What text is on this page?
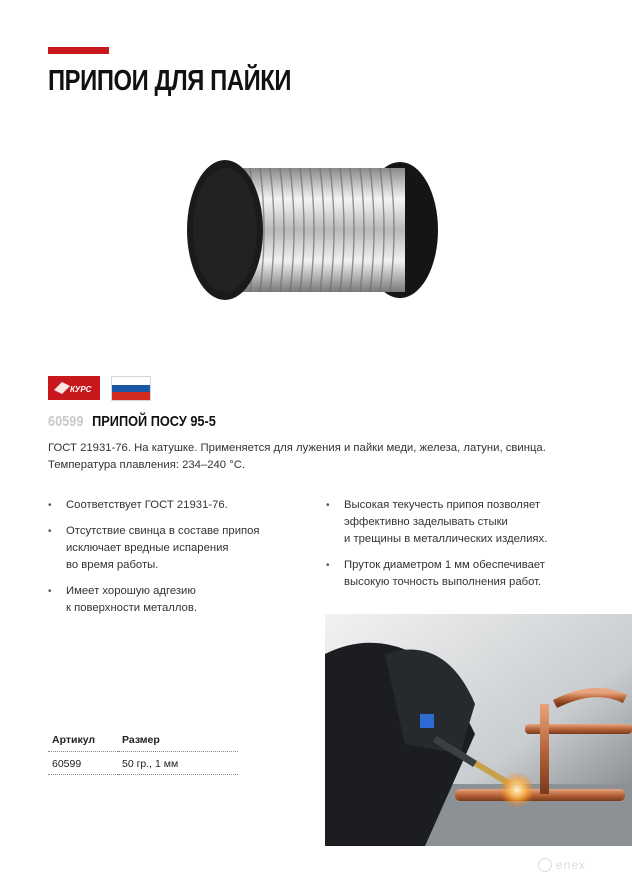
ПРИПОИ ДЛЯ ПАЙКИ
КУРС
60599 ПРИПОЙ ПОСУ 95-5
ГОСТ 21931-76. На катушке. Применяется для лужения и пайки меди, железа, латуни, свинца.
Температура плавления: 234–240 °C.
• Соответствует ГОСТ 21931-76.
• Отсутствие свинца в составе припоя
исключает вредные испарения
во время работы.
• Имеет хорошую адгезию
к поверхности металлов.
• Высокая текучесть припоя позволяет
эффективно заделывать стыки
и трещины в металлических изделиях.
• Пруток диаметром 1 мм обеспечивает
высокую точность выполнения работ.
Артикул	Размер
60599	50 гр., 1 мм
enex
